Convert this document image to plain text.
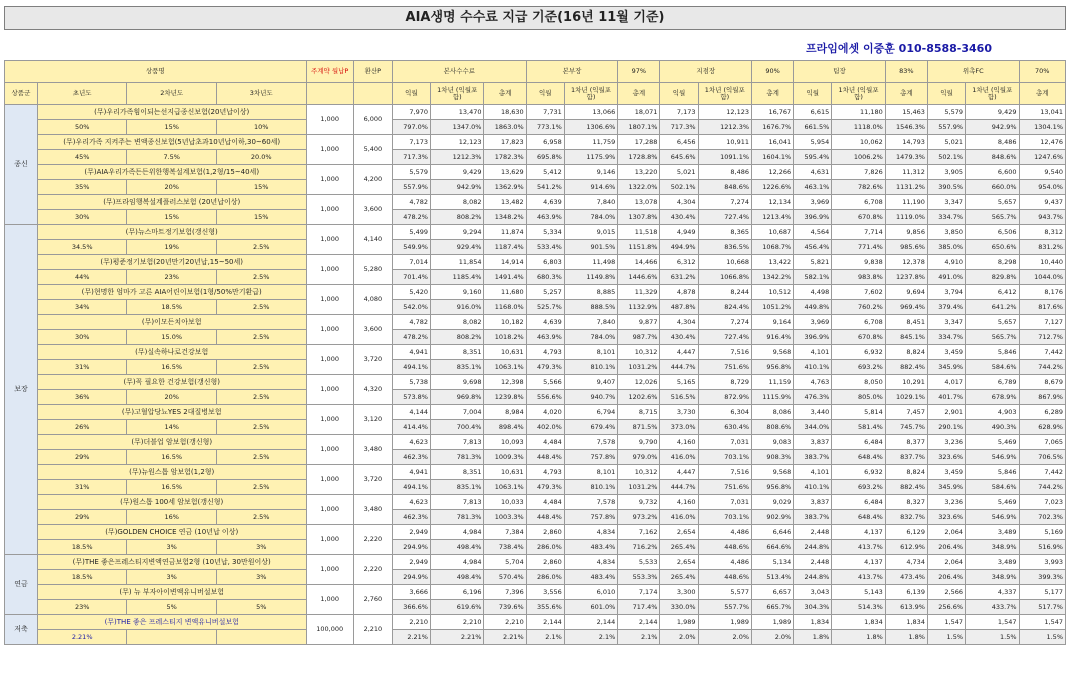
AIA생명 수수료 지급 기준(16년 11월 기준)
프라임에셋 이중훈 010-8588-3460
상품명				주계약 월납P	환산P	본사수수료			본부장		97%	지점장		90%	팀장		83%	위촉FC		70%
상품군	초년도	2차년도	3차년도			익월	1차년 (익월포함)	총계	익월	1차년 (익월포함)	총계	익월	1차년 (익월포함)	총계	익월	1차년 (익월포함)	총계	익월	1차년 (익월포함)	총계
종신	(무)우리가족힘이되는선지급종신보험(20년납이상)			1,000	6,000	7,970	13,470	18,630	7,731	13,066	18,071	7,173	12,123	16,767	6,615	11,180	15,463	5,579	9,429	13,041
	50%	15%	10%			797.0%	1347.0%	1863.0%	773.1%	1306.6%	1807.1%	717.3%	1212.3%	1676.7%	661.5%	1118.0%	1546.3%	557.9%	942.9%	1304.1%
	(무)우리가족 지켜주는 변액종신보험(5년납초과10년납이하,30~60세)			1,000	5,400	7,173	12,123	17,823	6,958	11,759	17,288	6,456	10,911	16,041	5,954	10,062	14,793	5,021	8,486	12,476
	45%	7.5%	20.0%			717.3%	1212.3%	1782.3%	695.8%	1175.9%	1728.8%	645.6%	1091.1%	1604.1%	595.4%	1006.2%	1479.3%	502.1%	848.6%	1247.6%
	(무)AIA우리가족든든위한행복설계보험(1,2형/15~40세)			1,000	4,200	5,579	9,429	13,629	5,412	9,146	13,220	5,021	8,486	12,266	4,631	7,826	11,312	3,905	6,600	9,540
	35%	20%	15%			557.9%	942.9%	1362.9%	541.2%	914.6%	1322.0%	502.1%	848.6%	1226.6%	463.1%	782.6%	1131.2%	390.5%	660.0%	954.0%
	(무)프라임행복설계플러스보험 (20년납이상)			1,000	3,600	4,782	8,082	13,482	4,639	7,840	13,078	4,304	7,274	12,134	3,969	6,708	11,190	3,347	5,657	9,437
	30%	15%	15%			478.2%	808.2%	1348.2%	463.9%	784.0%	1307.8%	430.4%	727.4%	1213.4%	396.9%	670.8%	1119.0%	334.7%	565.7%	943.7%
보장	(무)뉴스마트정기보험(갱신형)			1,000	4,140	5,499	9,294	11,874	5,334	9,015	11,518	4,949	8,365	10,687	4,564	7,714	9,856	3,850	6,506	8,312
	34.5%	19%	2.5%			549.9%	929.4%	1187.4%	533.4%	901.5%	1151.8%	494.9%	836.5%	1068.7%	456.4%	771.4%	985.6%	385.0%	650.6%	831.2%
	(무)평준정기보험(20년만기20년납,15~50세)			1,000	5,280	7,014	11,854	14,914	6,803	11,498	14,466	6,312	10,668	13,422	5,821	9,838	12,378	4,910	8,298	10,440
	44%	23%	2.5%			701.4%	1185.4%	1491.4%	680.3%	1149.8%	1446.6%	631.2%	1066.8%	1342.2%	582.1%	983.8%	1237.8%	491.0%	829.8%	1044.0%
	(무)현명한 엄마가 고른 AIA어린이보험(1형/50%만기환급)			1,000	4,080	5,420	9,160	11,680	5,257	8,885	11,329	4,878	8,244	10,512	4,498	7,602	9,694	3,794	6,412	8,176
	34%	18.5%	2.5%			542.0%	916.0%	1168.0%	525.7%	888.5%	1132.9%	487.8%	824.4%	1051.2%	449.8%	760.2%	969.4%	379.4%	641.2%	817.6%
	(무)이모든치아보험			1,000	3,600	4,782	8,082	10,182	4,639	7,840	9,877	4,304	7,274	9,164	3,969	6,708	8,451	3,347	5,657	7,127
	30%	15.0%	2.5%			478.2%	808.2%	1018.2%	463.9%	784.0%	987.7%	430.4%	727.4%	916.4%	396.9%	670.8%	845.1%	334.7%	565.7%	712.7%
	(무)실속하나로건강보험			1,000	3,720	4,941	8,351	10,631	4,793	8,101	10,312	4,447	7,516	9,568	4,101	6,932	8,824	3,459	5,846	7,442
	31%	16.5%	2.5%			494.1%	835.1%	1063.1%	479.3%	810.1%	1031.2%	444.7%	751.6%	956.8%	410.1%	693.2%	882.4%	345.9%	584.6%	744.2%
	(무)꼭 필요한 건강보험(갱신형)			1,000	4,320	5,738	9,698	12,398	5,566	9,407	12,026	5,165	8,729	11,159	4,763	8,050	10,291	4,017	6,789	8,679
	36%	20%	2.5%			573.8%	969.8%	1239.8%	556.6%	940.7%	1202.6%	516.5%	872.9%	1115.9%	476.3%	805.0%	1029.1%	401.7%	678.9%	867.9%
	(무)고혈압당뇨YES 2대질병보험			1,000	3,120	4,144	7,004	8,984	4,020	6,794	8,715	3,730	6,304	8,086	3,440	5,814	7,457	2,901	4,903	6,289
	26%	14%	2.5%			414.4%	700.4%	898.4%	402.0%	679.4%	871.5%	373.0%	630.4%	808.6%	344.0%	581.4%	745.7%	290.1%	490.3%	628.9%
	(무)더블업 암보험(갱신형)			1,000	3,480	4,623	7,813	10,093	4,484	7,578	9,790	4,160	7,031	9,083	3,837	6,484	8,377	3,236	5,469	7,065
	29%	16.5%	2.5%			462.3%	781.3%	1009.3%	448.4%	757.8%	979.0%	416.0%	703.1%	908.3%	383.7%	648.4%	837.7%	323.6%	546.9%	706.5%
	(무)뉴원스톱 암보험(1,2형)			1,000	3,720	4,941	8,351	10,631	4,793	8,101	10,312	4,447	7,516	9,568	4,101	6,932	8,824	3,459	5,846	7,442
	31%	16.5%	2.5%			494.1%	835.1%	1063.1%	479.3%	810.1%	1031.2%	444.7%	751.6%	956.8%	410.1%	693.2%	882.4%	345.9%	584.6%	744.2%
	(무)원스톱 100세 암보험(갱신형)			1,000	3,480	4,623	7,813	10,033	4,484	7,578	9,732	4,160	7,031	9,029	3,837	6,484	8,327	3,236	5,469	7,023
	29%	16%	2.5%			462.3%	781.3%	1003.3%	448.4%	757.8%	973.2%	416.0%	703.1%	902.9%	383.7%	648.4%	832.7%	323.6%	546.9%	702.3%
	(무)GOLDEN CHOICE 연금 (10년납 이상)			1,000	2,220	2,949	4,984	7,384	2,860	4,834	7,162	2,654	4,486	6,646	2,448	4,137	6,129	2,064	3,489	5,169
	18.5%	3%	3%			294.9%	498.4%	738.4%	286.0%	483.4%	716.2%	265.4%	448.6%	664.6%	244.8%	413.7%	612.9%	206.4%	348.9%	516.9%
연금	(무)THE 좋은프레스티지변액연금보험2형 (10년납, 30만원이상)			1,000	2,220	2,949	4,984	5,704	2,860	4,834	5,533	2,654	4,486	5,134	2,448	4,137	4,734	2,064	3,489	3,993
	18.5%	3%	3%			294.9%	498.4%	570.4%	286.0%	483.4%	553.3%	265.4%	448.6%	513.4%	244.8%	413.7%	473.4%	206.4%	348.9%	399.3%
	(무) 뉴 부자아이변액유니버설보험			1,000	2,760	3,666	6,196	7,396	3,556	6,010	7,174	3,300	5,577	6,657	3,043	5,143	6,139	2,566	4,337	5,177
	23%	5%	5%			366.6%	619.6%	739.6%	355.6%	601.0%	717.4%	330.0%	557.7%	665.7%	304.3%	514.3%	613.9%	256.6%	433.7%	517.7%
저축	(무)THE 좋은 프레스티지 변액유니버설보험			100,000	2,210	2,210	2,210	2,210	2,144	2,144	2,144	1,989	1,989	1,989	1,834	1,834	1,834	1,547	1,547	1,547
	2.21%					2.21%	2.21%	2.21%	2.1%	2.1%	2.1%	2.0%	2.0%	2.0%	1.8%	1.8%	1.8%	1.5%	1.5%	1.5%
